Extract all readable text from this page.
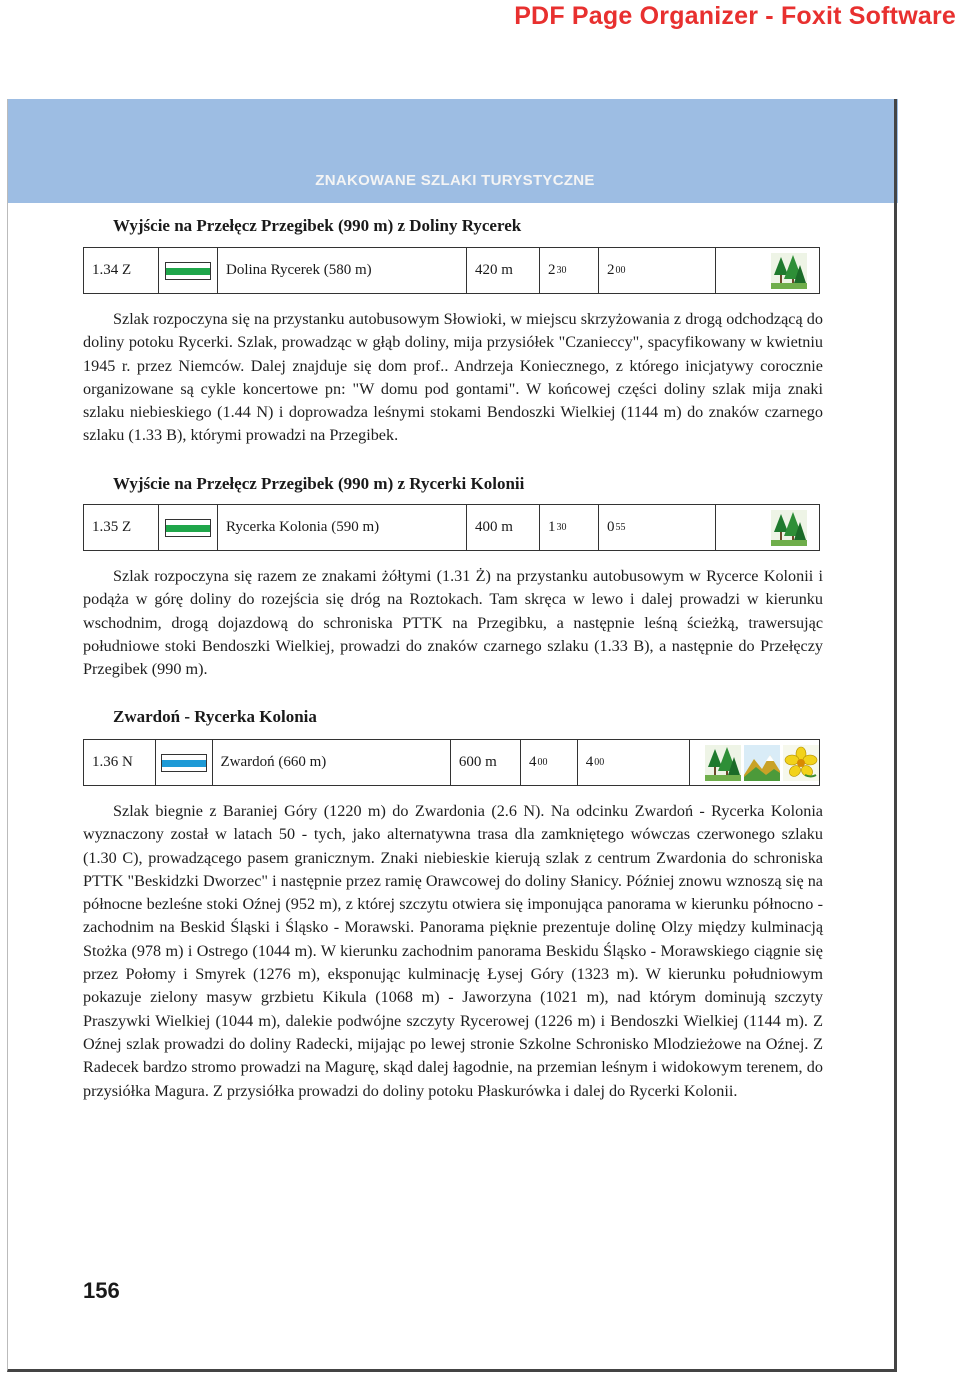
PDF Page Organizer - Foxit Software
ZNAKOWANE SZLAKI TURYSTYCZNE
Wyjście na Przełęcz Przegibek (990 m) z Doliny Rycerek
1.34 Z	Dolina Rycerek (580 m)	420 m	2 30	2 00

Szlak rozpoczyna się na przystanku autobusowym Słowioki, w miejscu skrzyżowania z drogą odchodzącą do doliny potoku Rycerki. Szlak, prowadząc w głąb doliny, mija przysiółek "Czanieccy", spacyfikowany w kwietniu 1945 r. przez Niemców. Dalej znajduje się dom prof.. Andrzeja Koniecznego, z którego inicjatywy corocznie organizowane są cykle koncertowe pn: "W domu pod gontami". W końcowej części doliny szlak mija znaki szlaku niebieskiego (1.44 N) i doprowadza leśnymi stokami Bendoszki Wielkiej (1144 m) do znaków czarnego szlaku (1.33 B), którymi prowadzi na Przegibek.

Wyjście na Przełęcz Przegibek (990 m) z Rycerki Kolonii
1.35 Z	Rycerka Kolonia (590 m)	400 m	1 30	0 55

Szlak rozpoczyna się razem ze znakami żółtymi (1.31 Ż) na przystanku autobusowym w Rycerce Kolonii i podąża w górę doliny do rozejścia się dróg na Roztokach. Tam skręca w lewo i dalej prowadzi w kierunku wschodnim, drogą dojazdową do schroniska PTTK na Przegibku, a następnie leśną ścieżką, trawersując południowe stoki Bendoszki Wielkiej, prowadzi do znaków czarnego szlaku (1.33 B), a następnie do Przełęczy Przegibek (990 m).

Zwardoń - Rycerka Kolonia
1.36 N	Zwardoń (660 m)	600 m	4 00	4 00

Szlak biegnie z Baraniej Góry (1220 m) do Zwardonia (2.6 N). Na odcinku Zwardoń - Rycerka Kolonia wyznaczony został w latach 50 - tych, jako alternatywna trasa dla zamkniętego wówczas czerwonego szlaku (1.30 C), prowadzącego pasem granicznym. Znaki niebieskie kierują szlak z centrum Zwardonia do schroniska PTTK "Beskidzki Dworzec" i następnie przez ramię Orawcowej do doliny Słanicy. Później znowu wznoszą się na północne bezleśne stoki Oźnej (952 m), z której szczytu otwiera się imponująca panorama w kierunku północno - zachodnim na Beskid Śląski i Śląsko - Morawski. Panorama pięknie prezentuje dolinę Olzy między kulminacją Stożka (978 m) i Ostrego (1044 m). W kierunku zachodnim panorama Beskidu Śląsko - Morawskiego ciągnie się przez Połomy i Smyrek (1276 m), eksponując kulminację Łysej Góry (1323 m). W kierunku południowym pokazuje zielony masyw grzbietu Kikula (1068 m) - Jaworzyna (1021 m), nad którym dominują szczyty Praszywki Wielkiej (1044 m), dalekie podwójne szczyty Rycerowej (1226 m) i Bendoszki Wielkiej (1144 m). Z Oźnej szlak prowadzi do doliny Radecki, mijając po lewej stronie Szkolne Schronisko Mlodzieżowe na Oźnej. Z Radecek bardzo stromo prowadzi na Magurę, skąd dalej łagodnie, na przemian leśnym i widokowym terenem, do przysiółka Magura. Z przysiółka prowadzi do doliny potoku Płaskurówka i dalej do Rycerki Kolonii.

156
